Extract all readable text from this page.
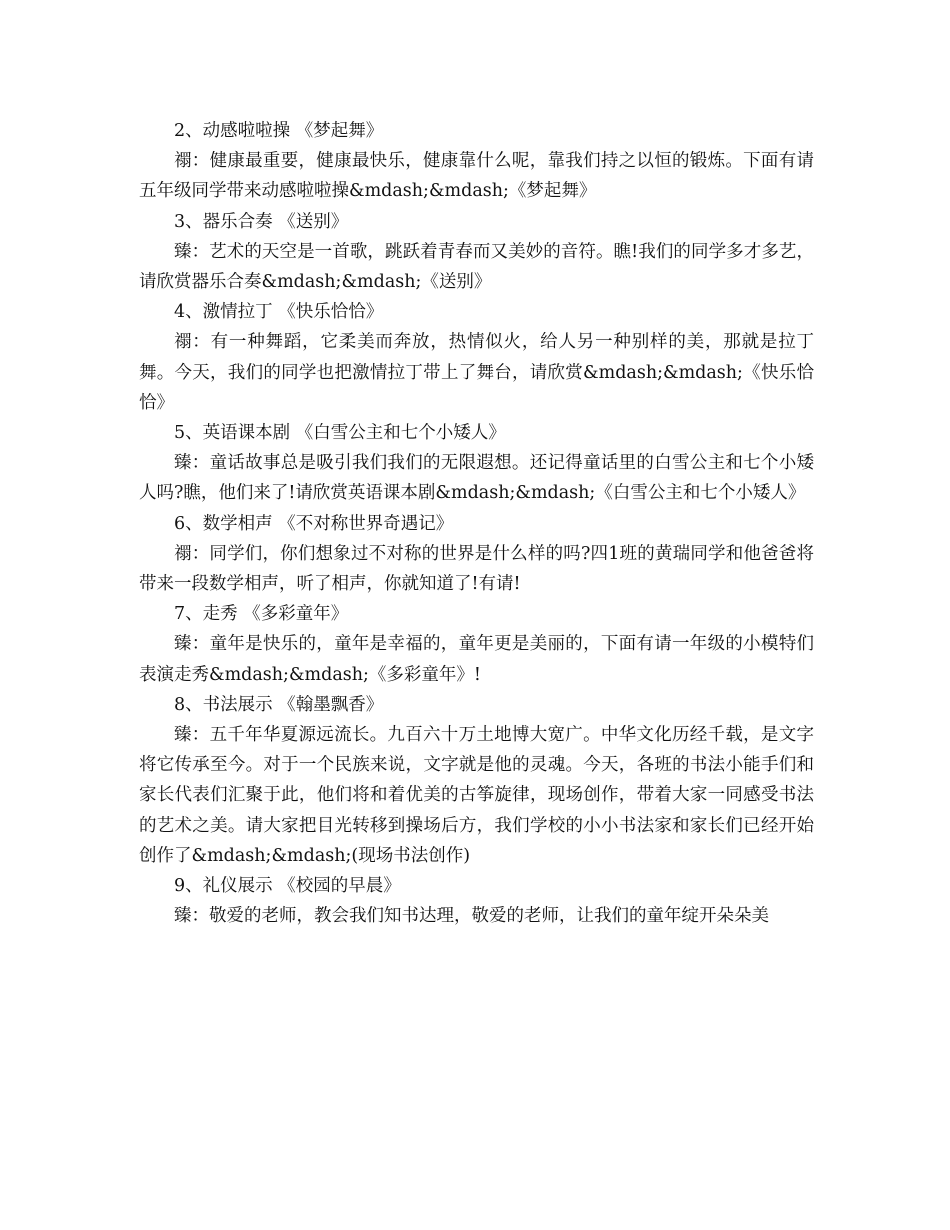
2、动感啦啦操 《梦起舞》

禤：健康最重要，健康最快乐，健康靠什么呢，靠我们持之以恒的锻炼。下面有请五年级同学带来动感啦啦操&mdash;&mdash;《梦起舞》

3、器乐合奏 《送别》

臻：艺术的天空是一首歌，跳跃着青春而又美妙的音符。瞧!我们的同学多才多艺，请欣赏器乐合奏&mdash;&mdash;《送别》

4、激情拉丁 《快乐恰恰》

禤：有一种舞蹈，它柔美而奔放，热情似火，给人另一种别样的美，那就是拉丁舞。今天，我们的同学也把激情拉丁带上了舞台，请欣赏&mdash;&mdash;《快乐恰恰》

5、英语课本剧 《白雪公主和七个小矮人》

臻：童话故事总是吸引我们我们的无限遐想。还记得童话里的白雪公主和七个小矮人吗?瞧，他们来了!请欣赏英语课本剧&mdash;&mdash;《白雪公主和七个小矮人》

6、数学相声 《不对称世界奇遇记》

禤：同学们，你们想象过不对称的世界是什么样的吗?四1班的黄瑞同学和他爸爸将带来一段数学相声，听了相声，你就知道了!有请!

7、走秀 《多彩童年》

臻：童年是快乐的，童年是幸福的，童年更是美丽的，下面有请一年级的小模特们表演走秀&mdash;&mdash;《多彩童年》!

8、书法展示 《翰墨飘香》

臻：五千年华夏源远流长。九百六十万土地博大宽广。中华文化历经千载，是文字将它传承至今。对于一个民族来说，文字就是他的灵魂。今天，各班的书法小能手们和家长代表们汇聚于此，他们将和着优美的古筝旋律，现场创作，带着大家一同感受书法的艺术之美。请大家把目光转移到操场后方，我们学校的小小书法家和家长们已经开始创作了&mdash;&mdash;(现场书法创作)

9、礼仪展示 《校园的早晨》

臻：敬爱的老师，教会我们知书达理，敬爱的老师，让我们的童年绽开朵朵美
